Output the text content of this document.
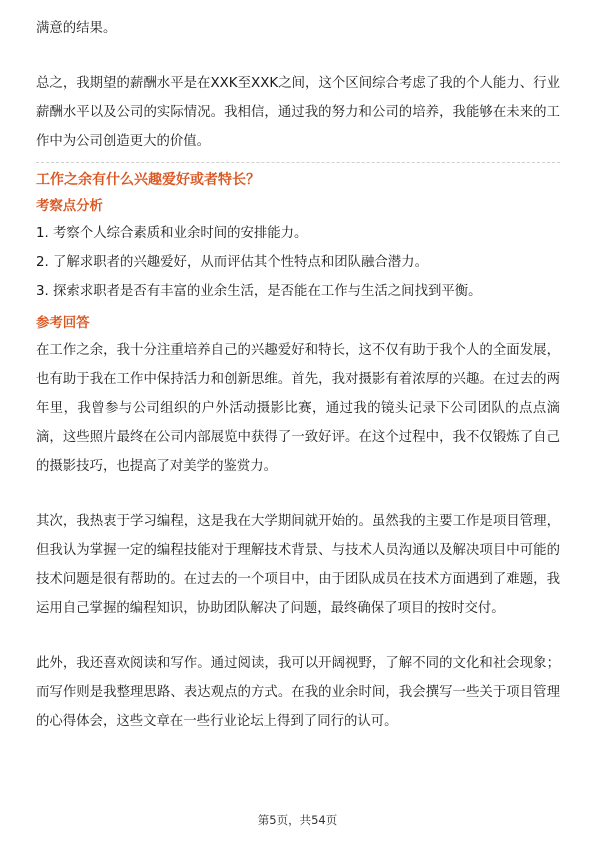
满意的结果。

总之，我期望的薪酬水平是在XXK至XXK之间，这个区间综合考虑了我的个人能力、行业薪酬水平以及公司的实际情况。我相信，通过我的努力和公司的培养，我能够在未来的工作中为公司创造更大的价值。

工作之余有什么兴趣爱好或者特长？

考察点分析

1. 考察个人综合素质和业余时间的安排能力。

2. 了解求职者的兴趣爱好，从而评估其个性特点和团队融合潜力。

3. 探索求职者是否有丰富的业余生活，是否能在工作与生活之间找到平衡。

参考回答

在工作之余，我十分注重培养自己的兴趣爱好和特长，这不仅有助于我个人的全面发展，也有助于我在工作中保持活力和创新思维。首先，我对摄影有着浓厚的兴趣。在过去的两年里，我曾参与公司组织的户外活动摄影比赛，通过我的镜头记录下公司团队的点点滴滴，这些照片最终在公司内部展览中获得了一致好评。在这个过程中，我不仅锻炼了自己的摄影技巧，也提高了对美学的鉴赏力。

其次，我热衷于学习编程，这是我在大学期间就开始的。虽然我的主要工作是项目管理，但我认为掌握一定的编程技能对于理解技术背景、与技术人员沟通以及解决项目中可能的技术问题是很有帮助的。在过去的一个项目中，由于团队成员在技术方面遇到了难题，我运用自己掌握的编程知识，协助团队解决了问题，最终确保了项目的按时交付。

此外，我还喜欢阅读和写作。通过阅读，我可以开阔视野，了解不同的文化和社会现象；而写作则是我整理思路、表达观点的方式。在我的业余时间，我会撰写一些关于项目管理的心得体会，这些文章在一些行业论坛上得到了同行的认可。

第5页，共54页
